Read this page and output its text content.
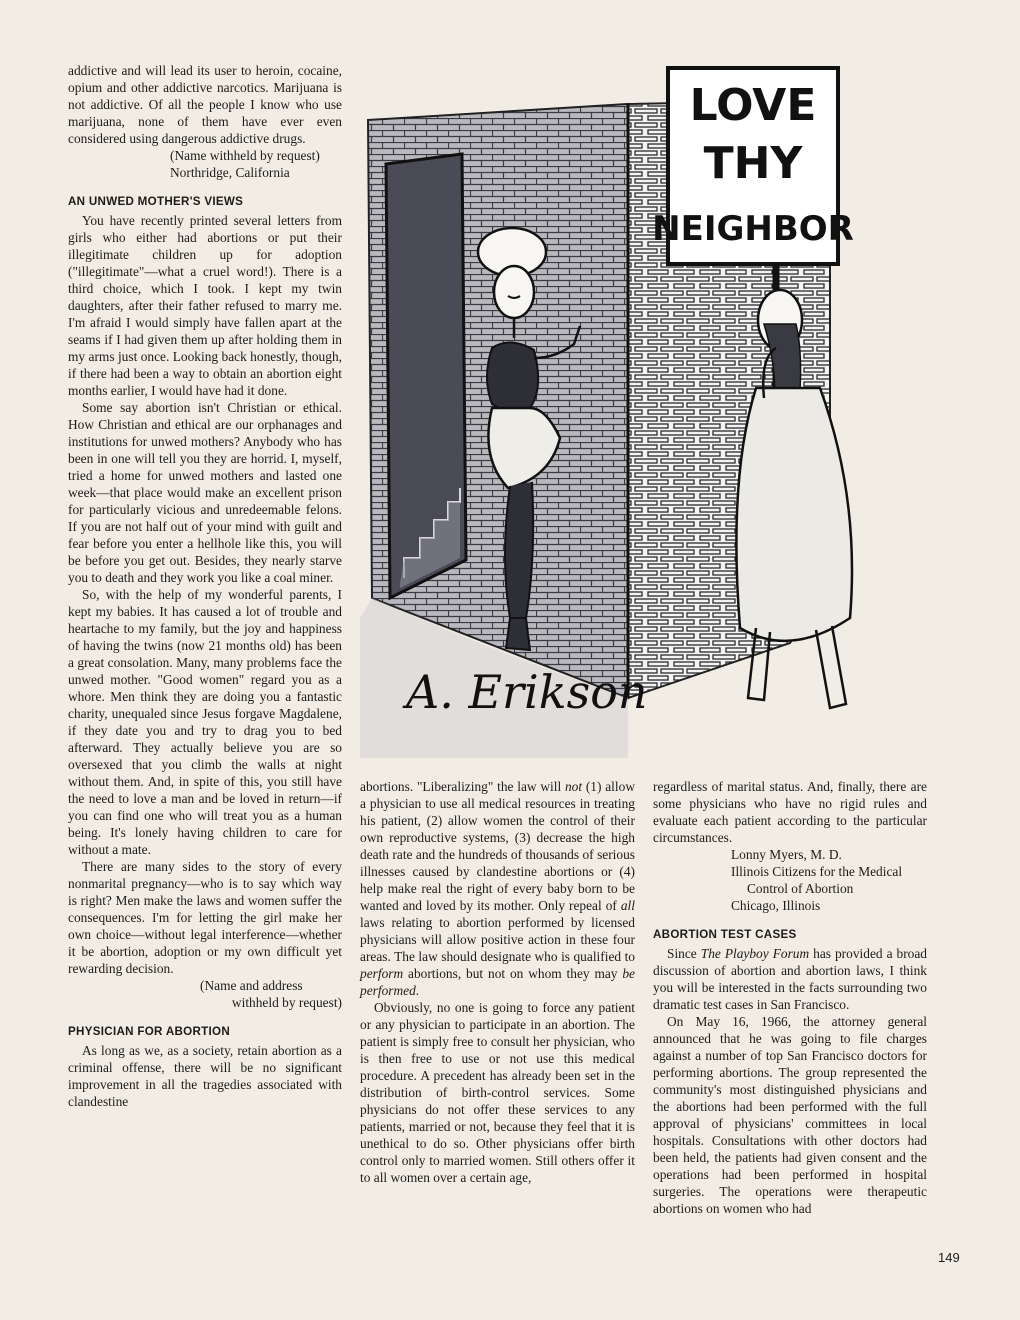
addictive and will lead its user to heroin, cocaine, opium and other addictive narcotics. Marijuana is not addictive. Of all the people I know who use marijuana, none of them have ever even considered using dangerous addictive drugs.

(Name withheld by request)

Northridge, California

AN UNWED MOTHER'S VIEWS

You have recently printed several letters from girls who either had abortions or put their illegitimate children up for adoption ("illegitimate"—what a cruel word!). There is a third choice, which I took. I kept my twin daughters, after their father refused to marry me. I'm afraid I would simply have fallen apart at the seams if I had given them up after holding them in my arms just once. Looking back honestly, though, if there had been a way to obtain an abortion eight months earlier, I would have had it done.

Some say abortion isn't Christian or ethical. How Christian and ethical are our orphanages and institutions for unwed mothers? Anybody who has been in one will tell you they are horrid. I, myself, tried a home for unwed mothers and lasted one week—that place would make an excellent prison for particularly vicious and unredeemable felons. If you are not half out of your mind with guilt and fear before you enter a hellhole like this, you will be before you get out. Besides, they nearly starve you to death and they work you like a coal miner.

So, with the help of my wonderful parents, I kept my babies. It has caused a lot of trouble and heartache to my family, but the joy and happiness of having the twins (now 21 months old) has been a great consolation. Many, many problems face the unwed mother. "Good women" regard you as a whore. Men think they are doing you a fantastic charity, unequaled since Jesus forgave Magdalene, if they date you and try to drag you to bed afterward. They actually believe you are so oversexed that you climb the walls at night without them. And, in spite of this, you still have the need to love a man and be loved in return—if you can find one who will treat you as a human being. It's lonely having children to care for without a mate.

There are many sides to the story of every nonmarital pregnancy—who is to say which way is right? Men make the laws and women suffer the consequences. I'm for letting the girl make her own choice—without legal interference—whether it be abortion, adoption or my own difficult yet rewarding decision.

(Name and address

withheld by request)

PHYSICIAN FOR ABORTION

As long as we, as a society, retain abortion as a criminal offense, there will be no significant improvement in all the tragedies associated with clandestine

LOVE
THY
NEIGHBOR
A. Erikson

abortions. "Liberalizing" the law will not (1) allow a physician to use all medical resources in treating his patient, (2) allow women the control of their own reproductive systems, (3) decrease the high death rate and the hundreds of thousands of serious illnesses caused by clandestine abortions or (4) help make real the right of every baby born to be wanted and loved by its mother. Only repeal of all laws relating to abortion performed by licensed physicians will allow positive action in these four areas. The law should designate who is qualified to perform abortions, but not on whom they may be performed.

Obviously, no one is going to force any patient or any physician to participate in an abortion. The patient is simply free to consult her physician, who is then free to use or not use this medical procedure. A precedent has already been set in the distribution of birth-control services. Some physicians do not offer these services to any patients, married or not, because they feel that it is unethical to do so. Other physicians offer birth control only to married women. Still others offer it to all women over a certain age,

regardless of marital status. And, finally, there are some physicians who have no rigid rules and evaluate each patient according to the particular circumstances.

Lonny Myers, M. D.

Illinois Citizens for the Medical

Control of Abortion

Chicago, Illinois

ABORTION TEST CASES

Since The Playboy Forum has provided a broad discussion of abortion and abortion laws, I think you will be interested in the facts surrounding two dramatic test cases in San Francisco.

On May 16, 1966, the attorney general announced that he was going to file charges against a number of top San Francisco doctors for performing abortions. The group represented the community's most distinguished physicians and the abortions had been performed with the full approval of physicians' committees in local hospitals. Consultations with other doctors had been held, the patients had given consent and the operations had been performed in hospital surgeries. The operations were therapeutic abortions on women who had

149
